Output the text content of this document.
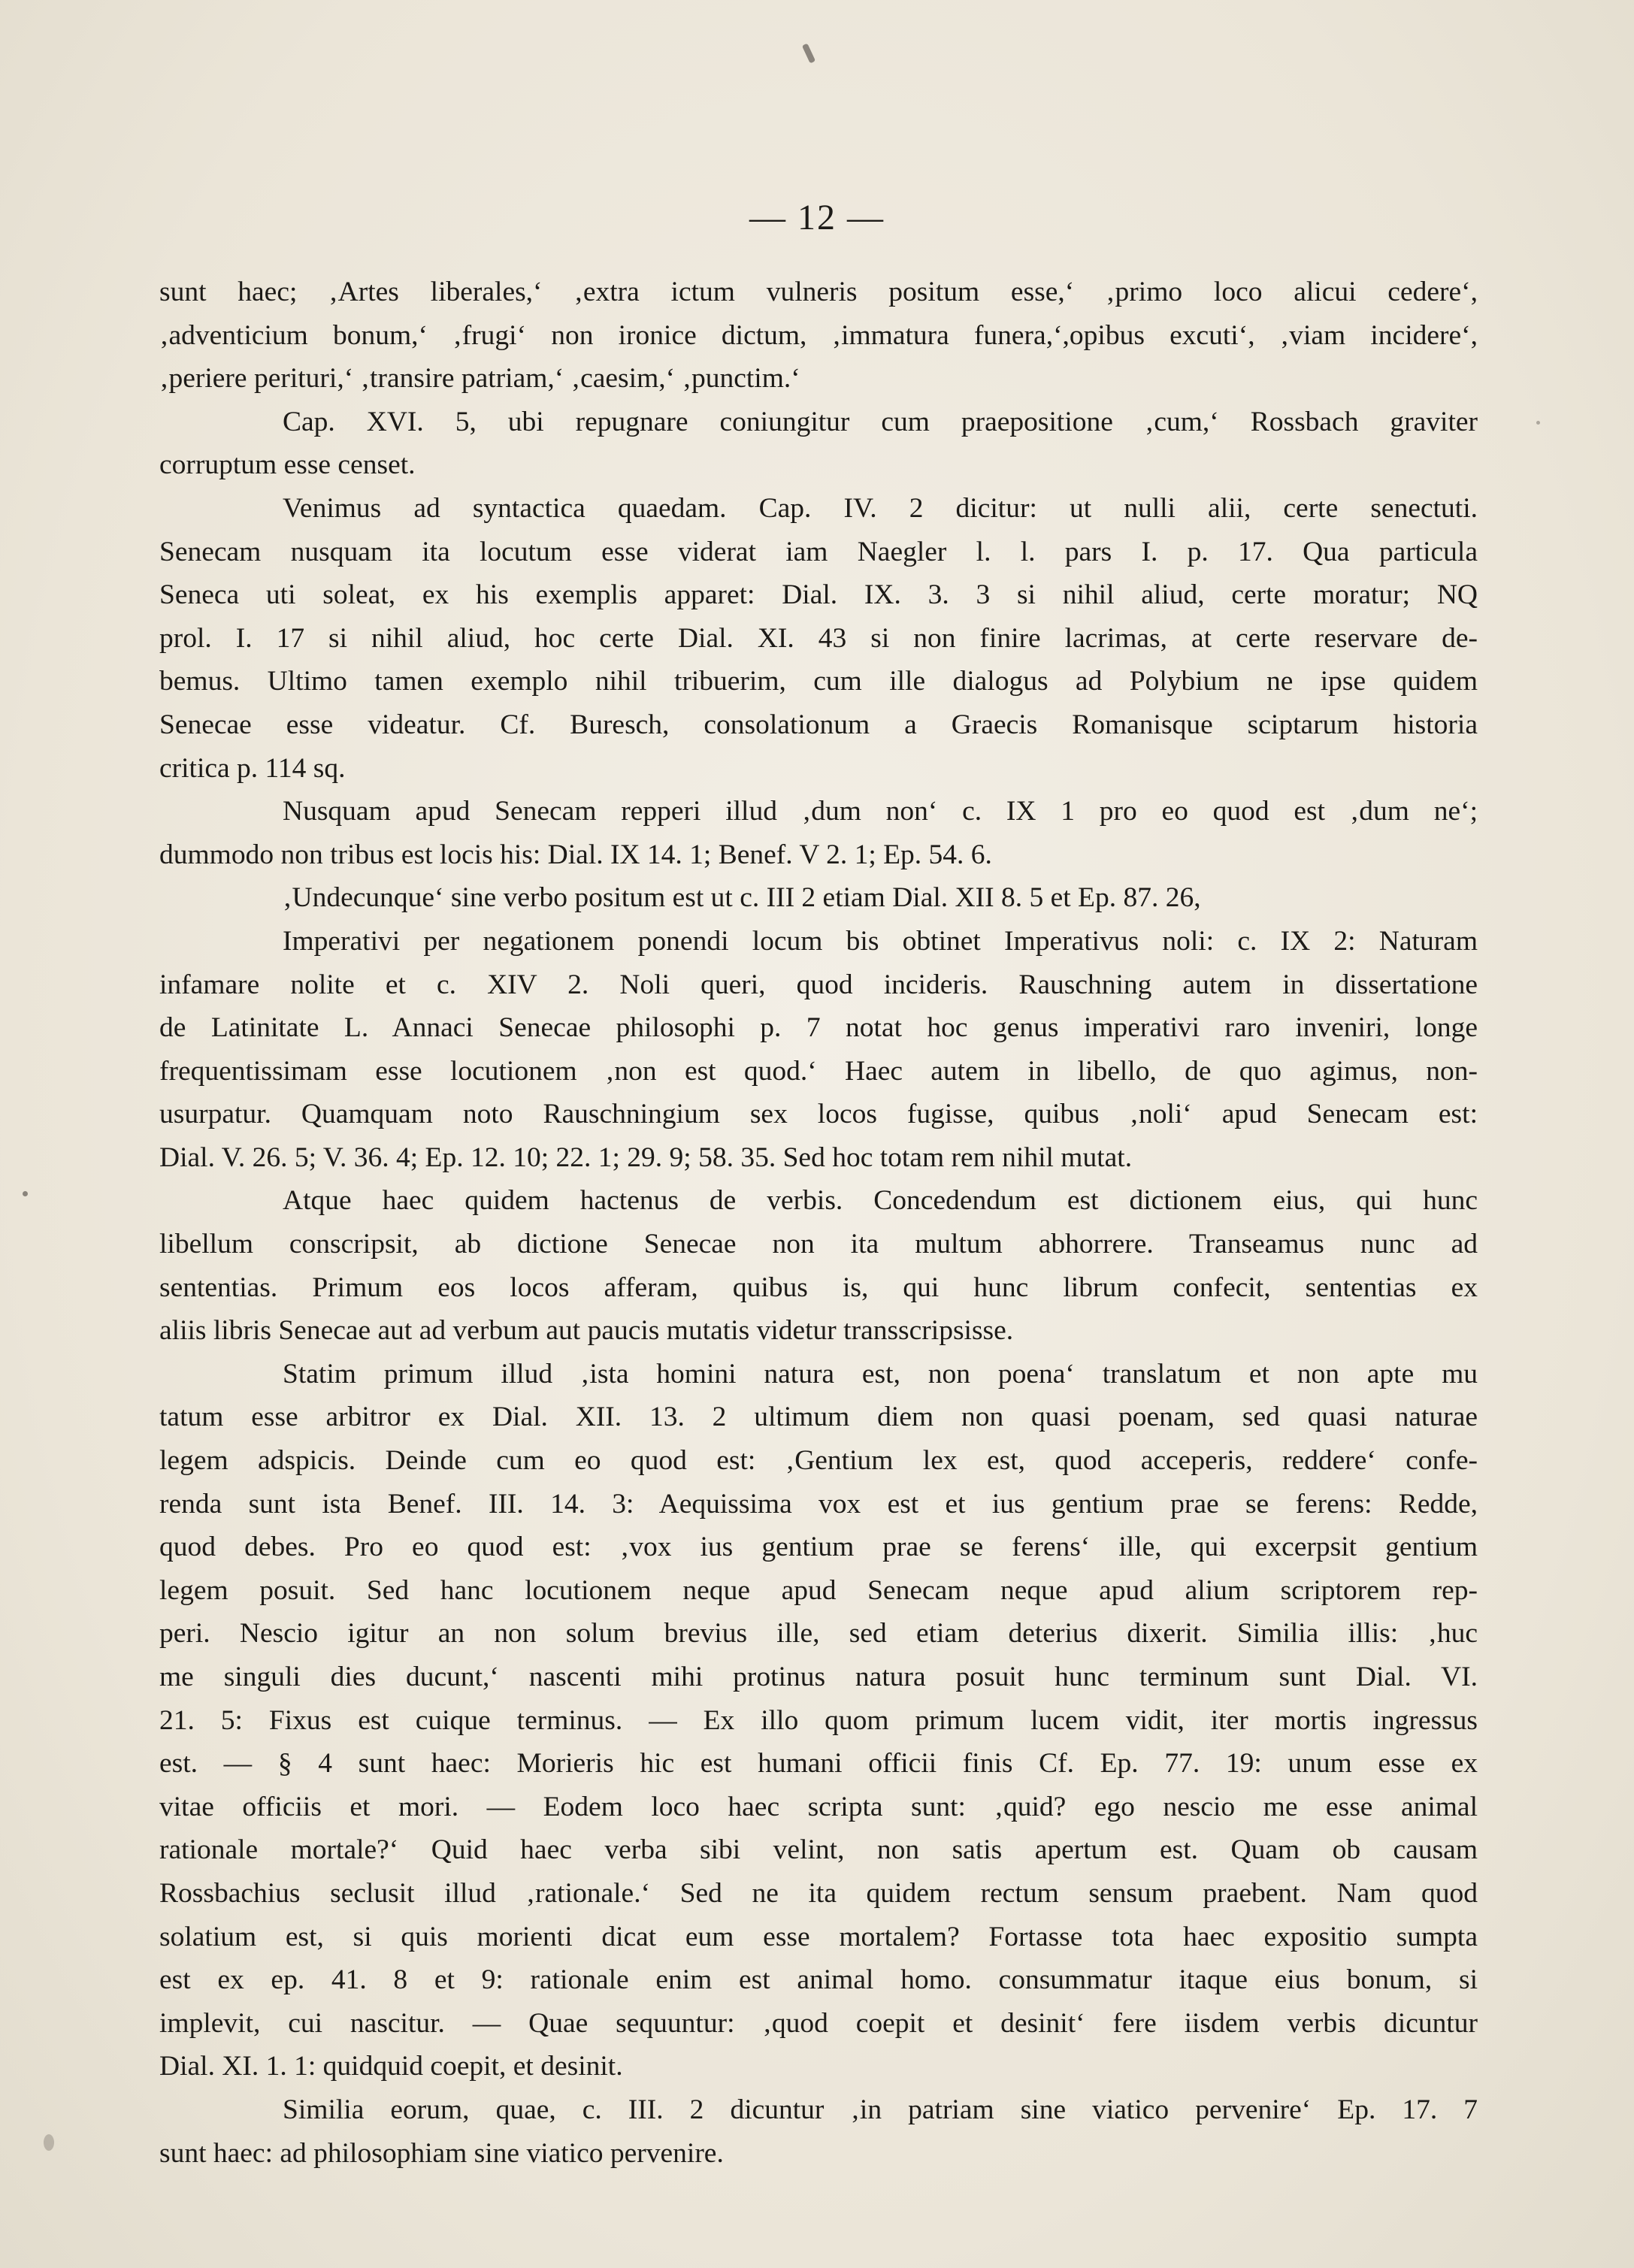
— 12 —
sunt haec; ‚Artes liberales,‘ ‚extra ictum vulneris positum esse,‘ ‚primo loco alicui cedere‘,
‚adventicium bonum,‘ ‚frugi‘ non ironice dictum, ‚immatura funera,‘,opibus excuti‘, ‚viam incidere‘,
‚periere perituri,‘ ‚transire patriam,‘ ‚caesim,‘ ‚punctim.‘
Cap. XVI. 5, ubi repugnare coniungitur cum praepositione ‚cum,‘ Rossbach graviter
corruptum esse censet.
Venimus ad syntactica quaedam. Cap. IV. 2 dicitur: ut nulli alii, certe senectuti.
Senecam nusquam ita locutum esse viderat iam Naegler l. l. pars I. p. 17. Qua particula
Seneca uti soleat, ex his exemplis apparet: Dial. IX. 3. 3 si nihil aliud, certe moratur; NQ
prol. I. 17 si nihil aliud, hoc certe Dial. XI. 43 si non finire lacrimas, at certe reservare de-
bemus. Ultimo tamen exemplo nihil tribuerim, cum ille dialogus ad Polybium ne ipse quidem
Senecae esse videatur. Cf. Buresch, consolationum a Graecis Romanisque sciptarum historia
critica p. 114 sq.
Nusquam apud Senecam repperi illud ‚dum non‘ c. IX 1 pro eo quod est ‚dum ne‘;
dummodo non tribus est locis his: Dial. IX 14. 1; Benef. V 2. 1; Ep. 54. 6.
‚Undecunque‘ sine verbo positum est ut c. III 2 etiam Dial. XII 8. 5 et Ep. 87. 26,
Imperativi per negationem ponendi locum bis obtinet Imperativus noli: c. IX 2: Naturam
infamare nolite et c. XIV 2. Noli queri, quod incideris. Rauschning autem in dissertatione
de Latinitate L. Annaci Senecae philosophi p. 7 notat hoc genus imperativi raro inveniri, longe
frequentissimam esse locutionem ‚non est quod.‘ Haec autem in libello, de quo agimus, non-
usurpatur. Quamquam noto Rauschningium sex locos fugisse, quibus ‚noli‘ apud Senecam est:
Dial. V. 26. 5; V. 36. 4; Ep. 12. 10; 22. 1; 29. 9; 58. 35. Sed hoc totam rem nihil mutat.
Atque haec quidem hactenus de verbis. Concedendum est dictionem eius, qui hunc
libellum conscripsit, ab dictione Senecae non ita multum abhorrere. Transeamus nunc ad
sententias. Primum eos locos afferam, quibus is, qui hunc librum confecit, sententias ex
aliis libris Senecae aut ad verbum aut paucis mutatis videtur transscripsisse.
Statim primum illud ‚ista homini natura est, non poena‘ translatum et non apte mu
tatum esse arbitror ex Dial. XII. 13. 2 ultimum diem non quasi poenam, sed quasi naturae
legem adspicis. Deinde cum eo quod est: ‚Gentium lex est, quod acceperis, reddere‘ confe-
renda sunt ista Benef. III. 14. 3: Aequissima vox est et ius gentium prae se ferens: Redde,
quod debes. Pro eo quod est: ‚vox ius gentium prae se ferens‘ ille, qui excerpsit gentium
legem posuit. Sed hanc locutionem neque apud Senecam neque apud alium scriptorem rep-
peri. Nescio igitur an non solum brevius ille, sed etiam deterius dixerit. Similia illis: ‚huc
me singuli dies ducunt,‘ nascenti mihi protinus natura posuit hunc terminum sunt Dial. VI.
21. 5: Fixus est cuique terminus. — Ex illo quom primum lucem vidit, iter mortis ingressus
est. — § 4 sunt haec: Morieris hic est humani officii finis Cf. Ep. 77. 19: unum esse ex
vitae officiis et mori. — Eodem loco haec scripta sunt: ‚quid? ego nescio me esse animal
rationale mortale?‘ Quid haec verba sibi velint, non satis apertum est. Quam ob causam
Rossbachius seclusit illud ‚rationale.‘ Sed ne ita quidem rectum sensum praebent. Nam quod
solatium est, si quis morienti dicat eum esse mortalem? Fortasse tota haec expositio sumpta
est ex ep. 41. 8 et 9: rationale enim est animal homo. consummatur itaque eius bonum, si
implevit, cui nascitur. — Quae sequuntur: ‚quod coepit et desinit‘ fere iisdem verbis dicuntur
Dial. XI. 1. 1: quidquid coepit, et desinit.
Similia eorum, quae, c. III. 2 dicuntur ‚in patriam sine viatico pervenire‘ Ep. 17. 7
sunt haec: ad philosophiam sine viatico pervenire.
